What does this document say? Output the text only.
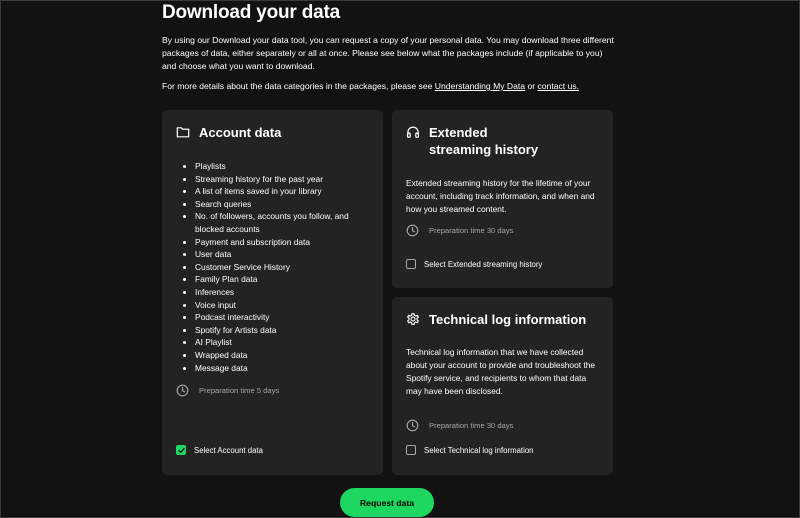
Download your data

By using our Download your data tool, you can request a copy of your personal data. You may download three different packages of data, either separately or all at once. Please see below what the packages include (if applicable to you) and choose what you want to download.

For more details about the data categories in the packages, please see Understanding My Data or contact us.

Account data
• Playlists
• Streaming history for the past year
• A list of items saved in your library
• Search queries
• No. of followers, accounts you follow, and blocked accounts
• Payment and subscription data
• User data
• Customer Service History
• Family Plan data
• Inferences
• Voice input
• Podcast interactivity
• Spotify for Artists data
• AI Playlist
• Wrapped data
• Message data
Preparation time 5 days
Select Account data
Extended
streaming history

Extended streaming history for the lifetime of your account, including track information, and when and how you streamed content.

Preparation time 30 days
Select Extended streaming history
Technical log information

Technical log information that we have collected about your account to provide and troubleshoot the Spotify service, and recipients to whom that data may have been disclosed.

Preparation time 30 days
Select Technical log information
Request data
